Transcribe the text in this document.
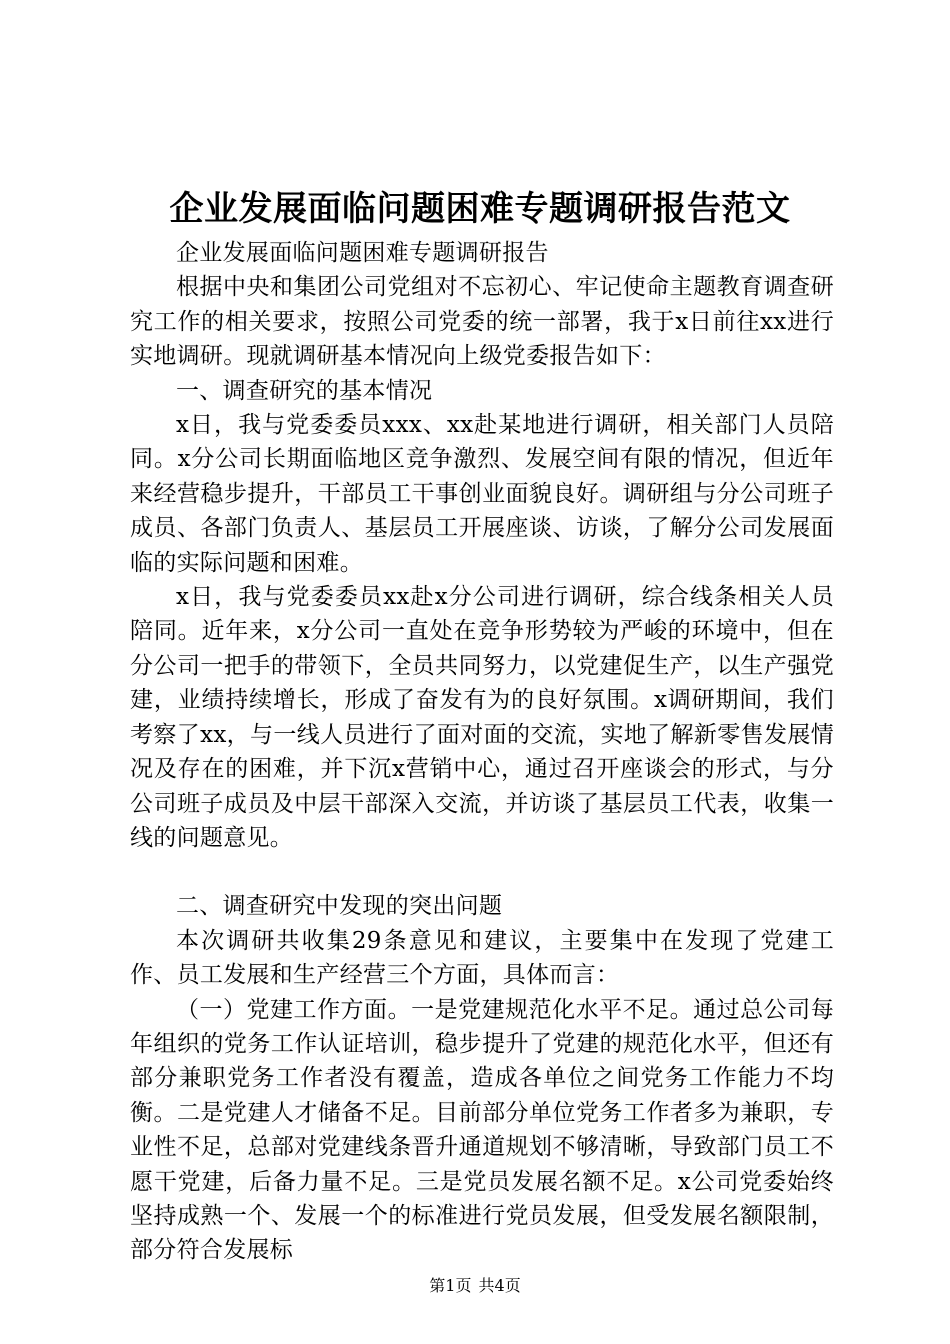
企业发展面临问题困难专题调研报告范文

企业发展面临问题困难专题调研报告

根据中央和集团公司党组对不忘初心、牢记使命主题教育调查研究工作的相关要求，按照公司党委的统一部署，我于x日前往xx进行实地调研。现就调研基本情况向上级党委报告如下：

一、调查研究的基本情况

x日，我与党委委员xxx、xx赴某地进行调研，相关部门人员陪同。x分公司长期面临地区竞争激烈、发展空间有限的情况，但近年来经营稳步提升，干部员工干事创业面貌良好。调研组与分公司班子成员、各部门负责人、基层员工开展座谈、访谈，了解分公司发展面临的实际问题和困难。

x日，我与党委委员xx赴x分公司进行调研，综合线条相关人员陪同。近年来，x分公司一直处在竞争形势较为严峻的环境中，但在分公司一把手的带领下，全员共同努力，以党建促生产，以生产强党建，业绩持续增长，形成了奋发有为的良好氛围。x调研期间，我们考察了xx，与一线人员进行了面对面的交流，实地了解新零售发展情况及存在的困难，并下沉x营销中心，通过召开座谈会的形式，与分公司班子成员及中层干部深入交流，并访谈了基层员工代表，收集一线的问题意见。

二、调查研究中发现的突出问题

本次调研共收集29条意见和建议，主要集中在发现了党建工作、员工发展和生产经营三个方面，具体而言：

（一）党建工作方面。一是党建规范化水平不足。通过总公司每年组织的党务工作认证培训，稳步提升了党建的规范化水平，但还有部分兼职党务工作者没有覆盖，造成各单位之间党务工作能力不均衡。二是党建人才储备不足。目前部分单位党务工作者多为兼职，专业性不足，总部对党建线条晋升通道规划不够清晰，导致部门员工不愿干党建，后备力量不足。三是党员发展名额不足。x公司党委始终坚持成熟一个、发展一个的标准进行党员发展，但受发展名额限制，部分符合发展标

第1页 共4页
